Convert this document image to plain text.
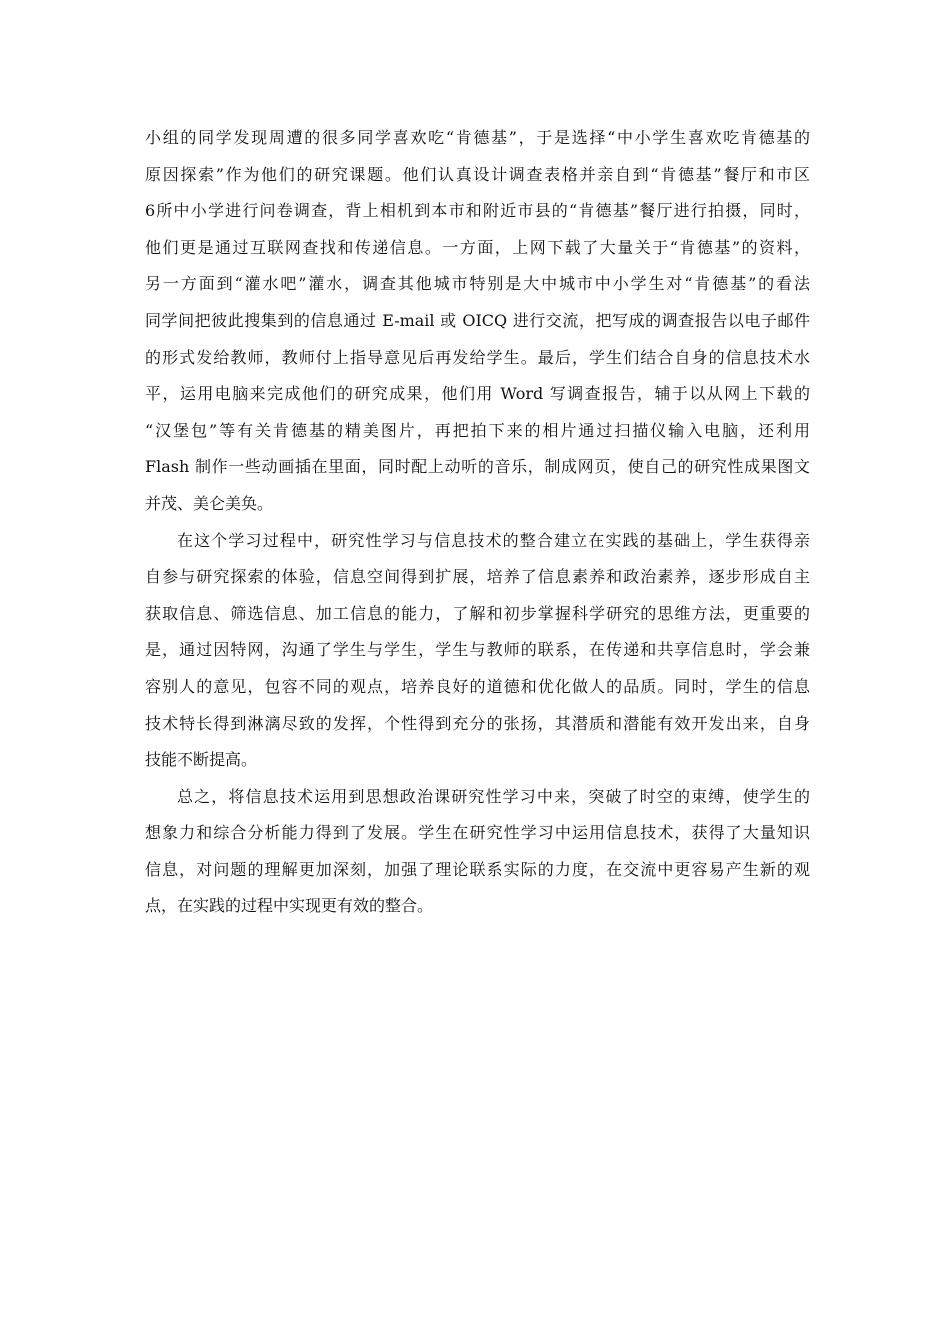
小组的同学发现周遭的很多同学喜欢吃“肯德基”，于是选择“中小学生喜欢吃肯德基的
原因探索”作为他们的研究课题。他们认真设计调查表格并亲自到“肯德基”餐厅和市区
6所中小学进行问卷调查，背上相机到本市和附近市县的“肯德基”餐厅进行拍摄，同时，
他们更是通过互联网查找和传递信息。一方面，上网下载了大量关于“肯德基”的资料，
另一方面到“灌水吧”灌水，调查其他城市特别是大中城市中小学生对“肯德基”的看法
同学间把彼此搜集到的信息通过 E-mail 或 OICQ 进行交流，把写成的调查报告以电子邮件
的形式发给教师，教师付上指导意见后再发给学生。最后，学生们结合自身的信息技术水
平，运用电脑来完成他们的研究成果，他们用 Word 写调查报告，辅于以从网上下载的
“汉堡包”等有关肯德基的精美图片，再把拍下来的相片通过扫描仪输入电脑，还利用
Flash 制作一些动画插在里面，同时配上动听的音乐，制成网页，使自己的研究性成果图文
并茂、美仑美奂。
在这个学习过程中，研究性学习与信息技术的整合建立在实践的基础上，学生获得亲
自参与研究探索的体验，信息空间得到扩展，培养了信息素养和政治素养，逐步形成自主
获取信息、筛选信息、加工信息的能力，了解和初步掌握科学研究的思维方法，更重要的
是，通过因特网，沟通了学生与学生，学生与教师的联系，在传递和共享信息时，学会兼
容别人的意见，包容不同的观点，培养良好的道德和优化做人的品质。同时，学生的信息
技术特长得到淋漓尽致的发挥，个性得到充分的张扬，其潜质和潜能有效开发出来，自身
技能不断提高。
总之，将信息技术运用到思想政治课研究性学习中来，突破了时空的束缚，使学生的
想象力和综合分析能力得到了发展。学生在研究性学习中运用信息技术，获得了大量知识
信息，对问题的理解更加深刻，加强了理论联系实际的力度，在交流中更容易产生新的观
点，在实践的过程中实现更有效的整合。
